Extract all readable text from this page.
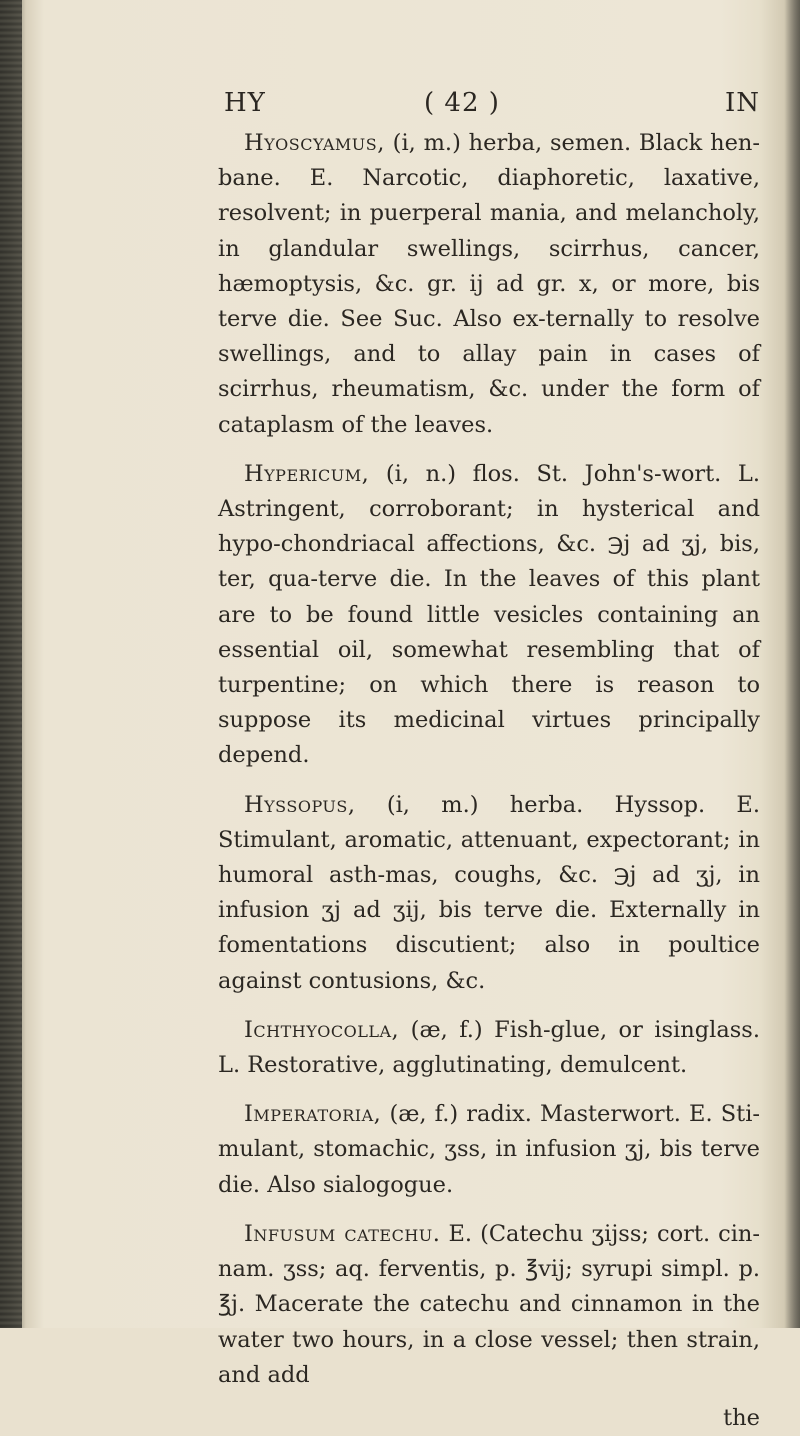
HY	( 42 )	IN

Hyoscyamus, (i, m.) herba, semen. Black hen-bane. E. Narcotic, diaphoretic, laxative, resolvent; in puerperal mania, and melancholy, in glandular swellings, scirrhus, cancer, hæmoptysis, &c. gr. ij ad gr. x, or more, bis terve die. See Suc. Also ex-ternally to resolve swellings, and to allay pain in cases of scirrhus, rheumatism, &c. under the form of cataplasm of the leaves.

Hypericum, (i, n.) flos. St. John's-wort. L. Astringent, corroborant; in hysterical and hypo-chondriacal affections, &c. ℈j ad ʒj, bis, ter, qua-terve die. In the leaves of this plant are to be found little vesicles containing an essential oil, somewhat resembling that of turpentine; on which there is reason to suppose its medicinal virtues principally depend.

Hyssopus, (i, m.) herba. Hyssop. E. Stimulant, aromatic, attenuant, expectorant; in humoral asth-mas, coughs, &c. ℈j ad ʒj, in infusion ʒj ad ʒij, bis terve die. Externally in fomentations discutient; also in poultice against contusions, &c.

Ichthyocolla, (æ, f.) Fish-glue, or isinglass. L. Restorative, agglutinating, demulcent.

Imperatoria, (æ, f.) radix. Masterwort. E. Sti-mulant, stomachic, ʒss, in infusion ʒj, bis terve die. Also sialogogue.

Infusum catechu. E. (Catechu ʒijss; cort. cin-nam. ʒss; aq. ferventis, p. ℥vij; syrupi simpl. p. ℥j. Macerate the catechu and cinnamon in the water two hours, in a close vessel; then strain, and add

the
